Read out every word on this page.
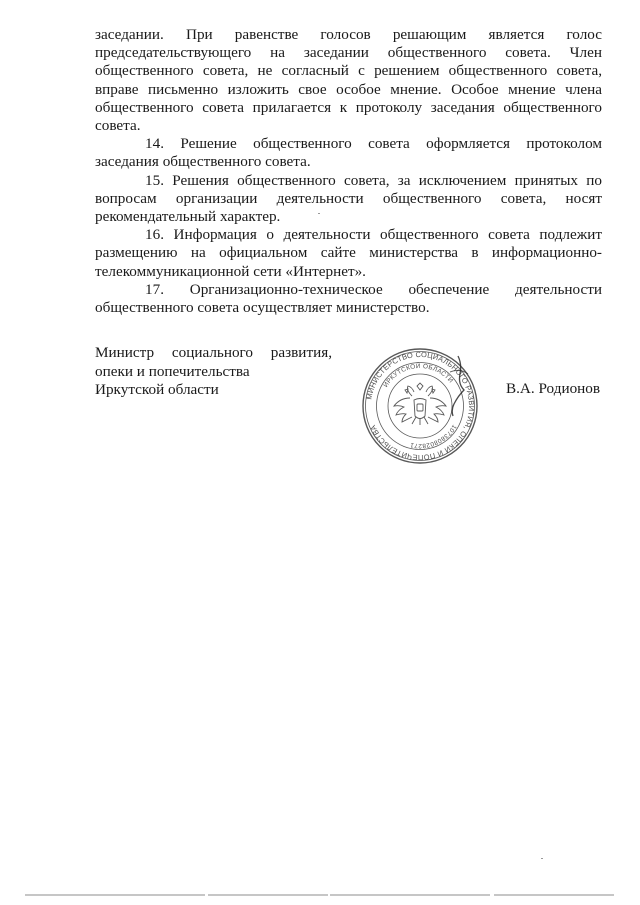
заседании. При равенстве голосов решающим является голос председательствующего на заседании общественного совета. Член общественного совета, не согласный с решением общественного совета, вправе письменно изложить свое особое мнение. Особое мнение члена общественного совета прилагается к протоколу заседания общественного совета.

14. Решение общественного совета оформляется протоколом заседания общественного совета.

15. Решения общественного совета, за исключением принятых по вопросам организации деятельности общественного совета, носят рекомендательный характер.

16. Информация о деятельности общественного совета подлежит размещению на официальном сайте министерства в информационно-телекоммуникационной сети «Интернет».

17. Организационно-техническое обеспечение деятельности общественного совета осуществляет министерство.

Министр социального развития,
опеки и попечительства
Иркутской области	МИНИСТЕРСТВО СОЦИАЛЬНОГО РАЗВИТИЯ, ОПЕКИ И ПОПЕЧИТЕЛЬСТВА
ИРКУТСКОЙ ОБЛАСТИ
1073808028271
В.А. Родионов
